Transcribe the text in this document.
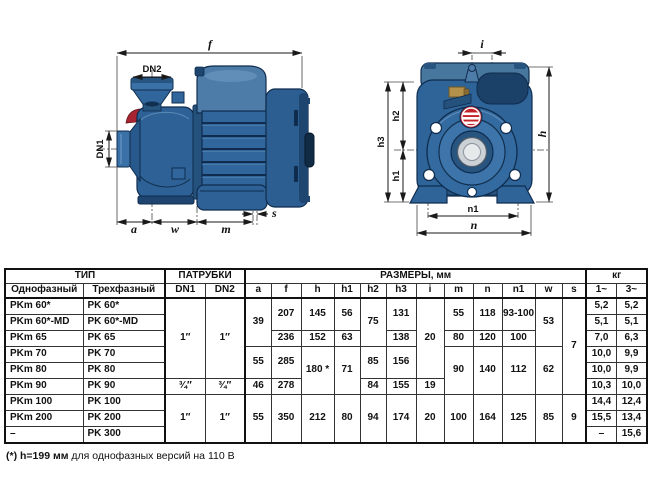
f
DN2
DN1
a	w	m
s
i
h
h3
h2
h1
n1
n
ТИП		ПАТРУБКИ		РАЗМЕРЫ, мм												кг	
Однофазный	Трехфазный	DN1	DN2	a	f	h	h1	h2	h3	i	m	n	n1	w	s	1~	3~
PKm 60*	PK 60*	1″	1″	39	207	145	56	75	131	20	55	118	93-100	53	7	5,2	5,2
PKm 60*-MD	PK 60*-MD															5,1	5,1
PKm 65	PK 65				236	152	63		138		80	120	100			7,0	6,3
PKm 70	PK 70			55	285	180 *	71	85	156		90	140	112	62		10,0	9,9
PKm 80	PK 80															10,0	9,9
PKm 90	PK 90	¾″	¾″	46	278			84	155	19						10,3	10,0
PKm 100	PK 100	1″	1″	55	350	212	80	94	174	20	100	164	125	85	9	14,4	12,4
PKm 200	PK 200															15,5	13,4
–	PK 300															–	15,6
(*) h=199 мм для однофазных версий на 110 В
